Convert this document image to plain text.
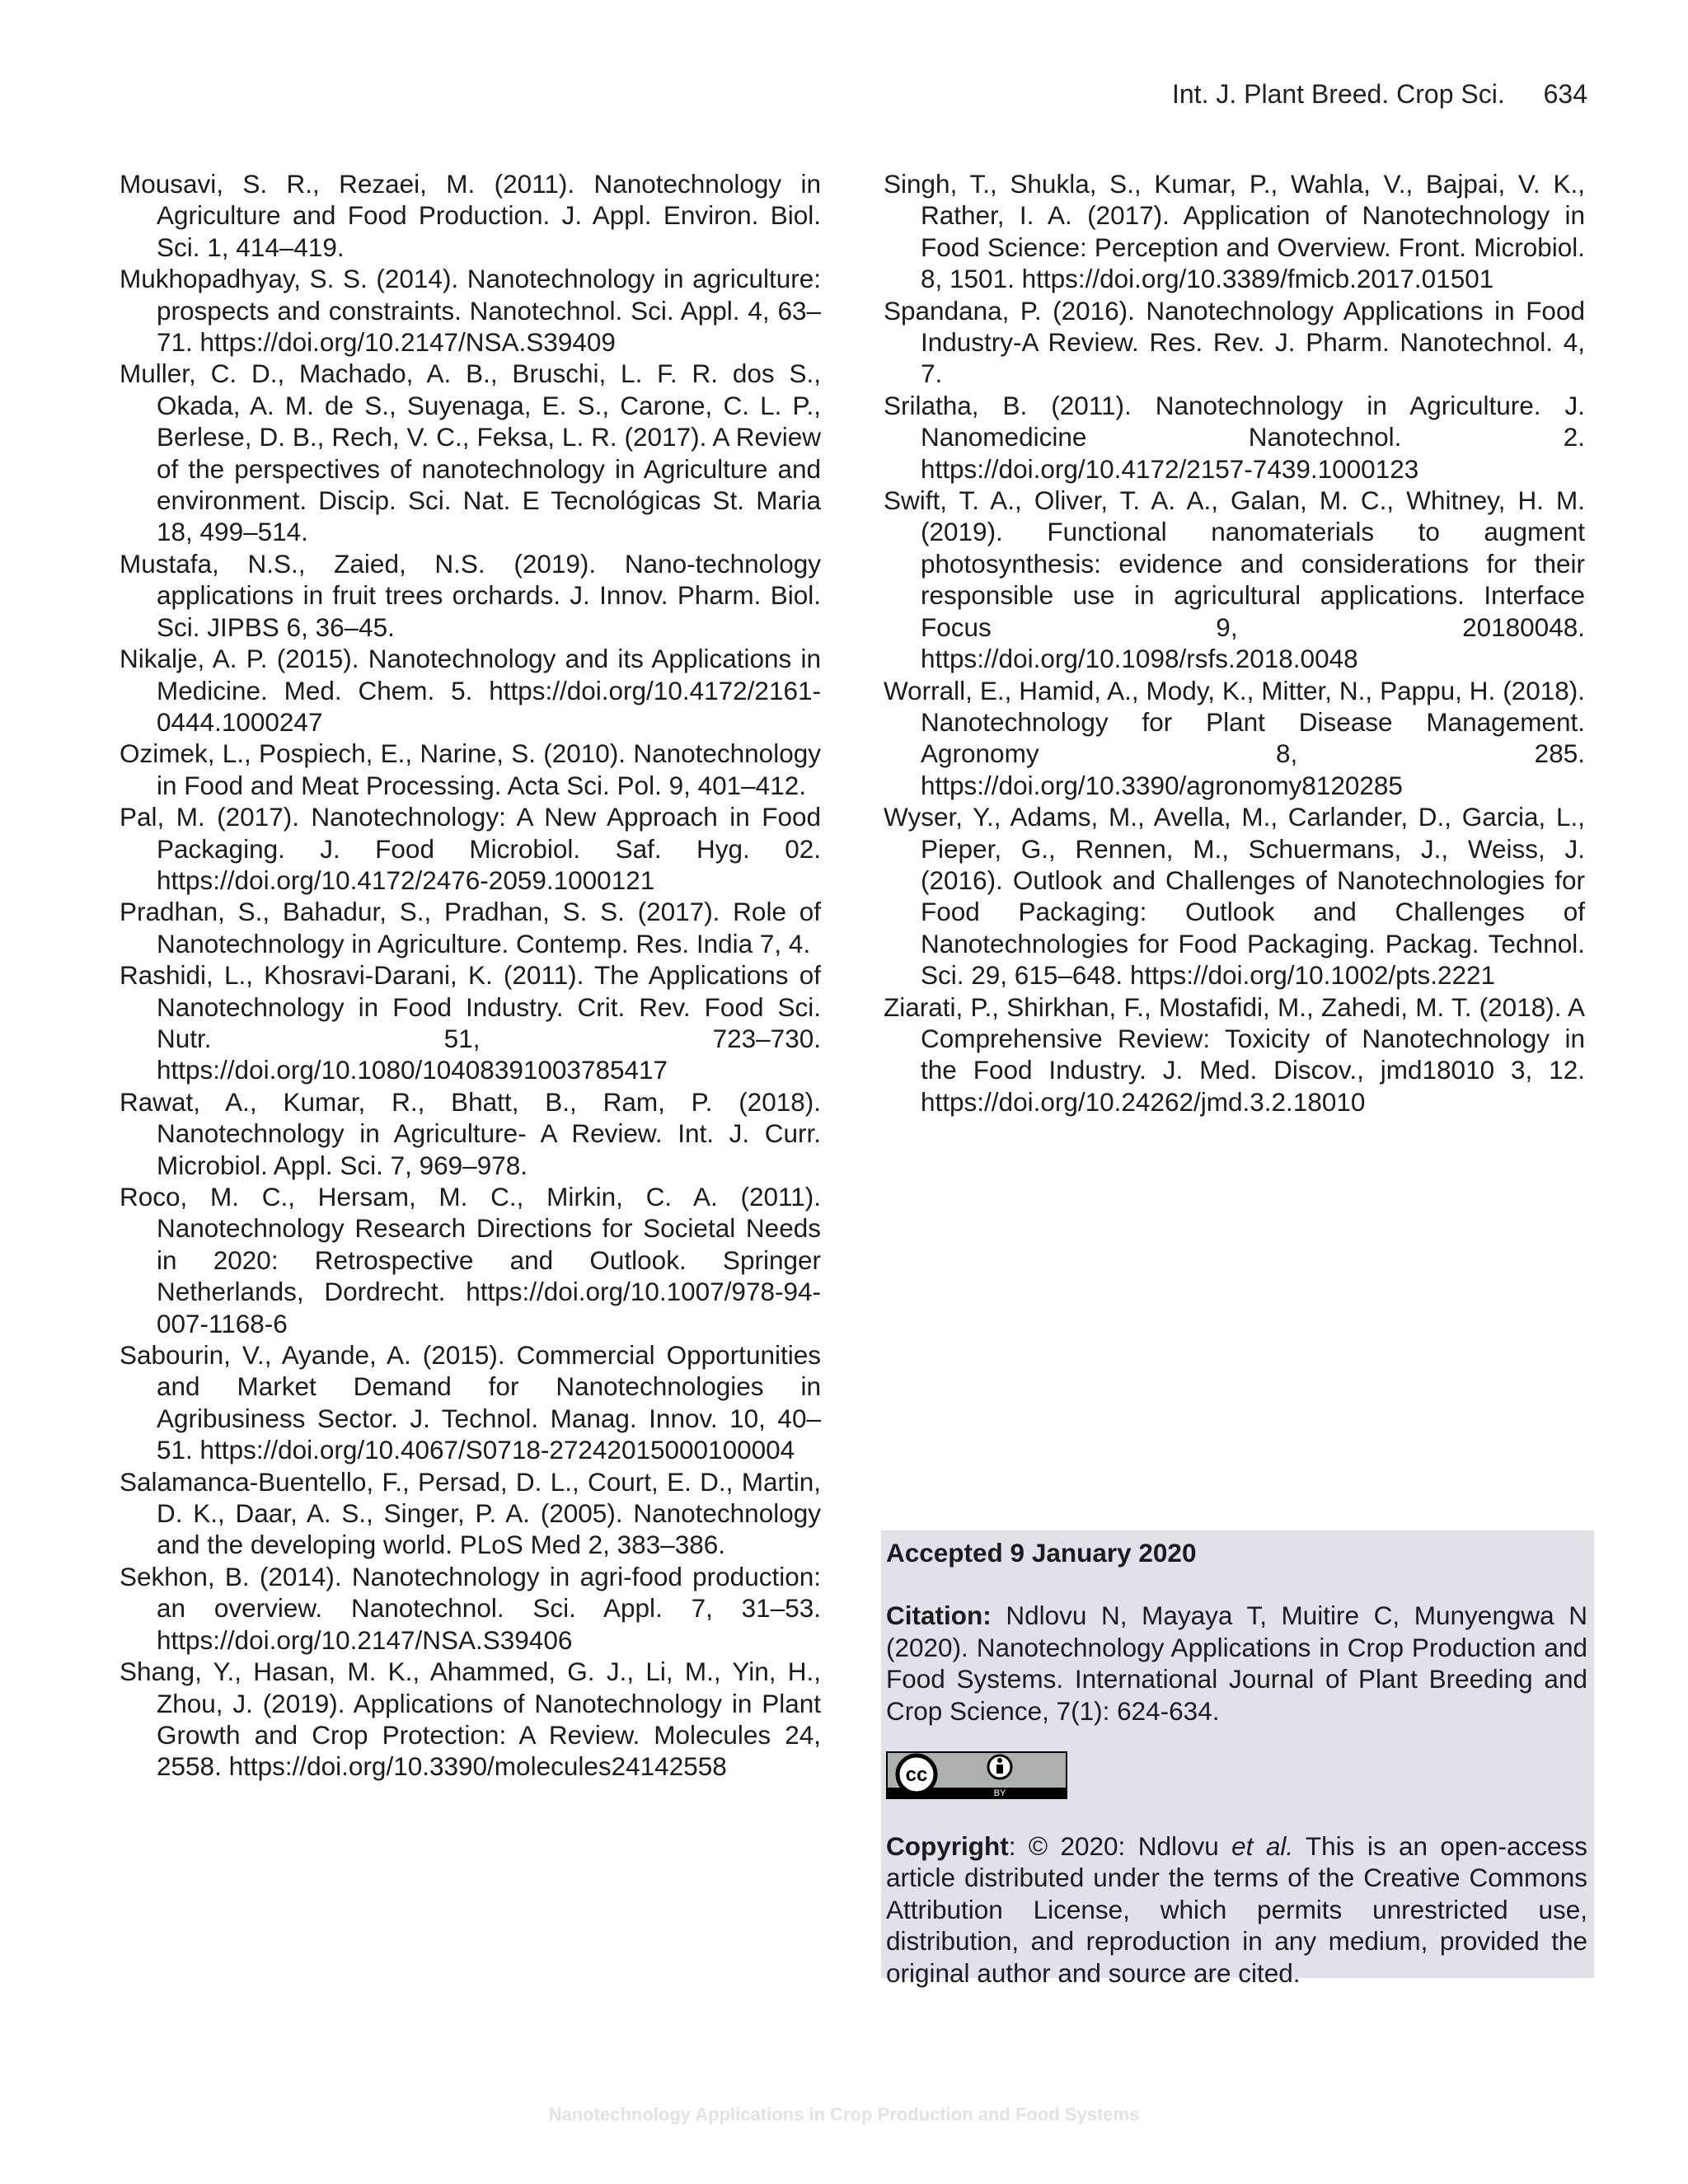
Int. J. Plant Breed. Crop Sci. 634

Mousavi, S. R., Rezaei, M. (2011). Nanotechnology in Agriculture and Food Production. J. Appl. Environ. Biol. Sci. 1, 414–419.

Mukhopadhyay, S. S. (2014). Nanotechnology in agriculture: prospects and constraints. Nanotechnol. Sci. Appl. 4, 63–71. https://doi.org/10.2147/NSA.S39409

Muller, C. D., Machado, A. B., Bruschi, L. F. R. dos S., Okada, A. M. de S., Suyenaga, E. S., Carone, C. L. P., Berlese, D. B., Rech, V. C., Feksa, L. R. (2017). A Review of the perspectives of nanotechnology in Agriculture and environment. Discip. Sci. Nat. E Tecnológicas St. Maria 18, 499–514.

Mustafa, N.S., Zaied, N.S. (2019). Nano-technology applications in fruit trees orchards. J. Innov. Pharm. Biol. Sci. JIPBS 6, 36–45.

Nikalje, A. P. (2015). Nanotechnology and its Applications in Medicine. Med. Chem. 5. https://doi.org/10.4172/2161-0444.1000247

Ozimek, L., Pospiech, E., Narine, S. (2010). Nanotechnology in Food and Meat Processing. Acta Sci. Pol. 9, 401–412.

Pal, M. (2017). Nanotechnology: A New Approach in Food Packaging. J. Food Microbiol. Saf. Hyg. 02. https://doi.org/10.4172/2476-2059.1000121

Pradhan, S., Bahadur, S., Pradhan, S. S. (2017). Role of Nanotechnology in Agriculture. Contemp. Res. India 7, 4.

Rashidi, L., Khosravi-Darani, K. (2011). The Applications of Nanotechnology in Food Industry. Crit. Rev. Food Sci. Nutr. 51, 723–730. https://doi.org/10.1080/10408391003785417

Rawat, A., Kumar, R., Bhatt, B., Ram, P. (2018). Nanotechnology in Agriculture- A Review. Int. J. Curr. Microbiol. Appl. Sci. 7, 969–978.

Roco, M. C., Hersam, M. C., Mirkin, C. A. (2011). Nanotechnology Research Directions for Societal Needs in 2020: Retrospective and Outlook. Springer Netherlands, Dordrecht. https://doi.org/10.1007/978-94-007-1168-6

Sabourin, V., Ayande, A. (2015). Commercial Opportunities and Market Demand for Nanotechnologies in Agribusiness Sector. J. Technol. Manag. Innov. 10, 40–51. https://doi.org/10.4067/S0718-27242015000100004

Salamanca-Buentello, F., Persad, D. L., Court, E. D., Martin, D. K., Daar, A. S., Singer, P. A. (2005). Nanotechnology and the developing world. PLoS Med 2, 383–386.

Sekhon, B. (2014). Nanotechnology in agri-food production: an overview. Nanotechnol. Sci. Appl. 7, 31–53. https://doi.org/10.2147/NSA.S39406

Shang, Y., Hasan, M. K., Ahammed, G. J., Li, M., Yin, H., Zhou, J. (2019). Applications of Nanotechnology in Plant Growth and Crop Protection: A Review. Molecules 24, 2558. https://doi.org/10.3390/molecules24142558

Singh, T., Shukla, S., Kumar, P., Wahla, V., Bajpai, V. K., Rather, I. A. (2017). Application of Nanotechnology in Food Science: Perception and Overview. Front. Microbiol. 8, 1501. https://doi.org/10.3389/fmicb.2017.01501

Spandana, P. (2016). Nanotechnology Applications in Food Industry-A Review. Res. Rev. J. Pharm. Nanotechnol. 4, 7.

Srilatha, B. (2011). Nanotechnology in Agriculture. J. Nanomedicine Nanotechnol. 2. https://doi.org/10.4172/2157-7439.1000123

Swift, T. A., Oliver, T. A. A., Galan, M. C., Whitney, H. M. (2019). Functional nanomaterials to augment photosynthesis: evidence and considerations for their responsible use in agricultural applications. Interface Focus 9, 20180048. https://doi.org/10.1098/rsfs.2018.0048

Worrall, E., Hamid, A., Mody, K., Mitter, N., Pappu, H. (2018). Nanotechnology for Plant Disease Management. Agronomy 8, 285. https://doi.org/10.3390/agronomy8120285

Wyser, Y., Adams, M., Avella, M., Carlander, D., Garcia, L., Pieper, G., Rennen, M., Schuermans, J., Weiss, J. (2016). Outlook and Challenges of Nanotechnologies for Food Packaging: Outlook and Challenges of Nanotechnologies for Food Packaging. Packag. Technol. Sci. 29, 615–648. https://doi.org/10.1002/pts.2221

Ziarati, P., Shirkhan, F., Mostafidi, M., Zahedi, M. T. (2018). A Comprehensive Review: Toxicity of Nanotechnology in the Food Industry. J. Med. Discov., jmd18010 3, 12. https://doi.org/10.24262/jmd.3.2.18010

Accepted 9 January 2020

Citation: Ndlovu N, Mayaya T, Muitire C, Munyengwa N (2020). Nanotechnology Applications in Crop Production and Food Systems. International Journal of Plant Breeding and Crop Science, 7(1): 624-634.

cc
BY

Copyright: © 2020: Ndlovu et al. This is an open-access article distributed under the terms of the Creative Commons Attribution License, which permits unrestricted use, distribution, and reproduction in any medium, provided the original author and source are cited.

Nanotechnology Applications in Crop Production and Food Systems
